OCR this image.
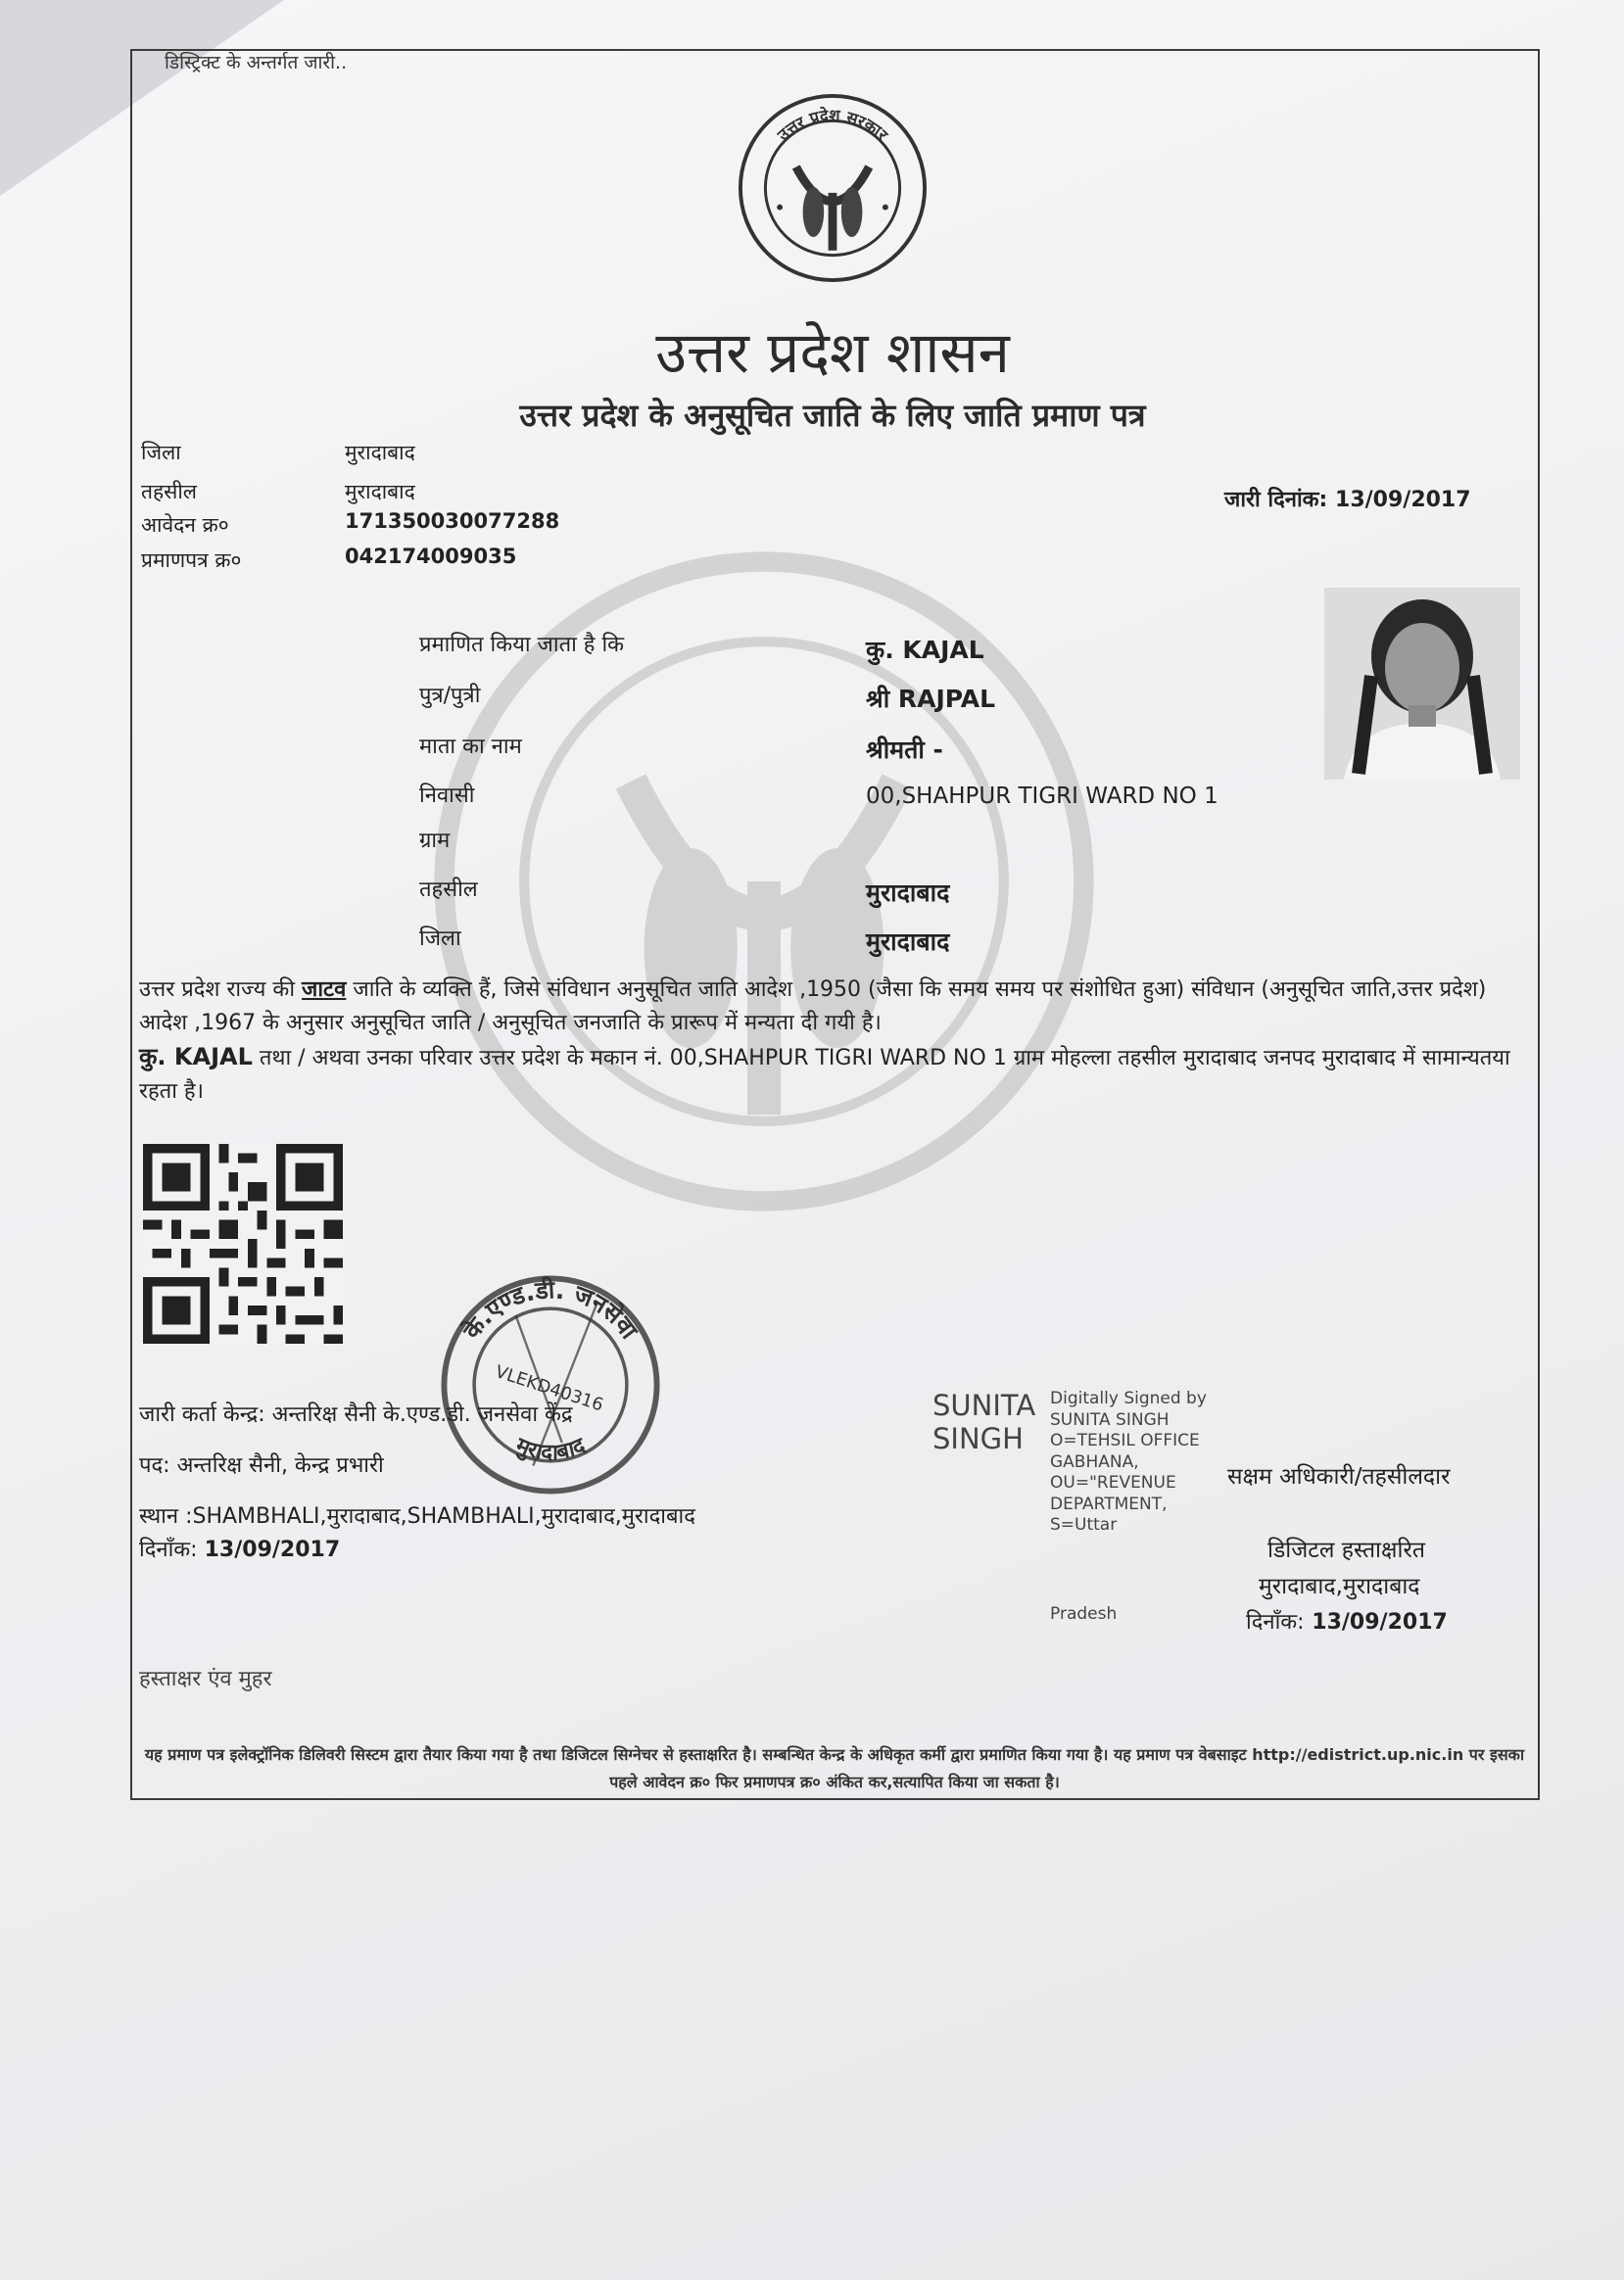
डिस्ट्रिक्ट के अन्तर्गत जारी..
उत्तर प्रदेश सरकार
उत्तर प्रदेश शासन
उत्तर प्रदेश के अनुसूचित जाति के लिए जाति प्रमाण पत्र
जिला	मुरादाबाद
तहसील	मुरादाबाद
आवेदन क्र०	171350030077288
प्रमाणपत्र क्र०	042174009035
जारी दिनांक: 13/09/2017
प्रमाणित किया जाता है कि	कु. KAJAL
पुत्र/पुत्री	श्री RAJPAL
माता का नाम	श्रीमती -
निवासी	00,SHAHPUR TIGRI WARD NO 1
ग्राम
तहसील	मुरादाबाद
जिला	मुरादाबाद
उत्तर प्रदेश राज्य की जाटव जाति के व्यक्ति हैं, जिसे संविधान अनुसूचित जाति आदेश ,1950 (जैसा कि समय समय पर संशोधित हुआ) संविधान (अनुसूचित जाति,उत्तर प्रदेश) आदेश ,1967 के अनुसार अनुसूचित जाति / अनुसूचित जनजाति के प्रारूप में मन्यता दी गयी है।
कु. KAJAL तथा / अथवा उनका परिवार उत्तर प्रदेश के मकान नं. 00,SHAHPUR TIGRI WARD NO 1 ग्राम मोहल्ला तहसील मुरादाबाद जनपद मुरादाबाद में सामान्यतया रहता है।
के.एण्ड.डी. जनसेवा
मुरादाबाद
VLEKD40316
जारी कर्ता केन्द्र: अन्तरिक्ष सैनी के.एण्ड.डी. जनसेवा केंद्र
पद: अन्तरिक्ष सैनी, केन्द्र प्रभारी
स्थान :SHAMBHALI,मुरादाबाद,SHAMBHALI,मुरादाबाद,मुरादाबाद
दिनाँक: 13/09/2017
SUNITA
SINGH
Digitally Signed by SUNITA SINGH O=TEHSIL OFFICE GABHANA, OU="REVENUE DEPARTMENT, S=Uttar
Pradesh
सक्षम अधिकारी/तहसीलदार
डिजिटल हस्ताक्षरित
मुरादाबाद,मुरादाबाद
दिनाँक: 13/09/2017
हस्ताक्षर एंव मुहर
यह प्रमाण पत्र इलेक्ट्रॉनिक डिलिवरी सिस्टम द्वारा तैयार किया गया है तथा डिजिटल सिग्नेचर से हस्ताक्षरित है। सम्बन्धित केन्द्र के अधिकृत कर्मी द्वारा प्रमाणित किया गया है। यह प्रमाण पत्र वेबसाइट http://edistrict.up.nic.in पर इसका पहले आवेदन क्र० फिर प्रमाणपत्र क्र० अंकित कर,सत्यापित किया जा सकता है।
